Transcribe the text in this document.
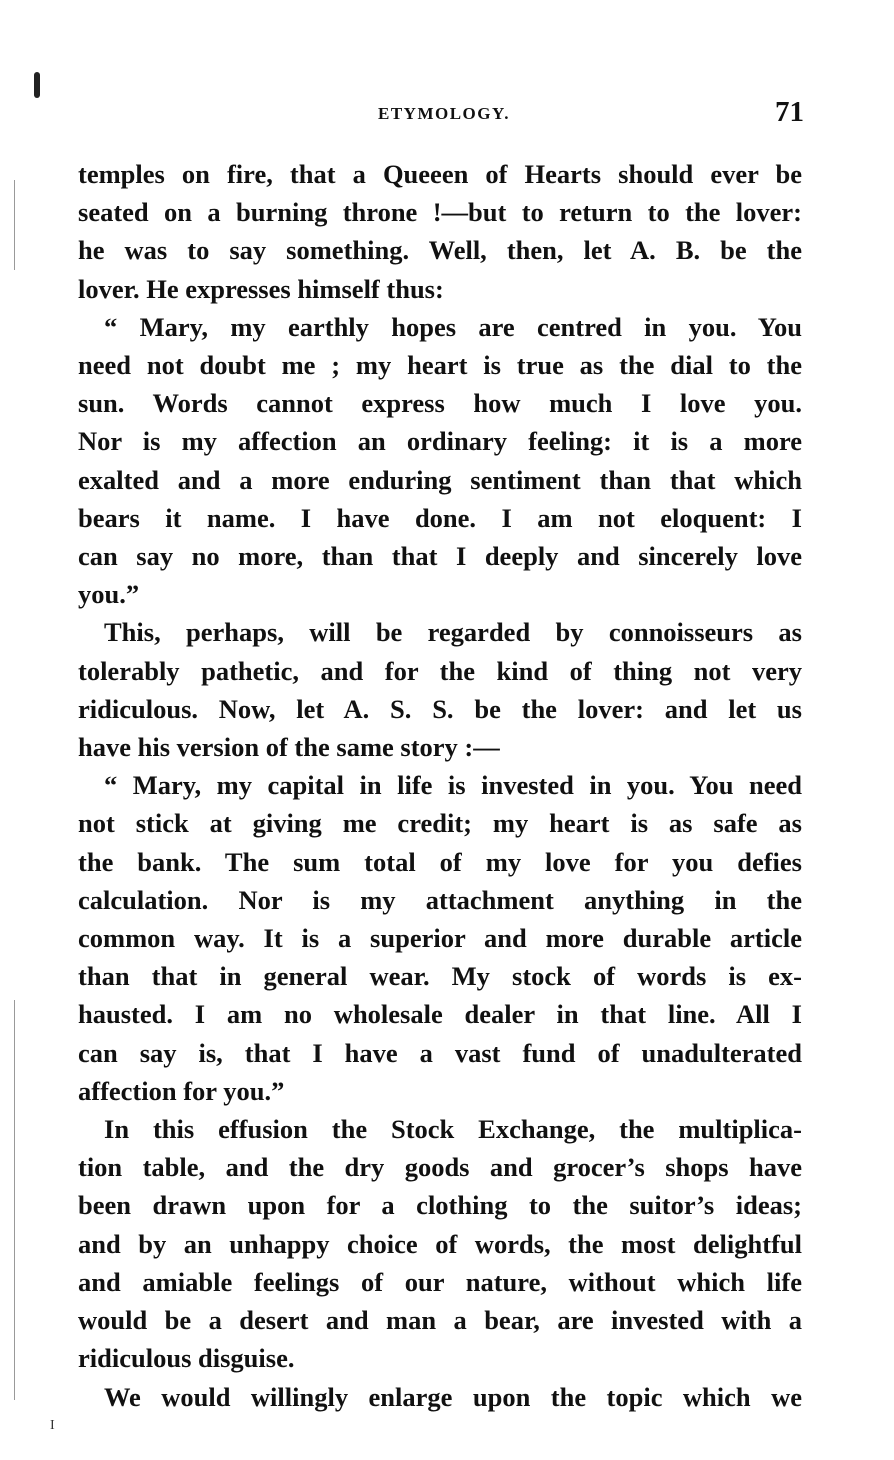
I
ETYMOLOGY.	71
temples on fire, that a Queeen of Hearts should ever be
seated on a burning throne !—but to return to the lover:
he was to say something. Well, then, let A. B. be the
lover. He expresses himself thus:
“ Mary, my earthly hopes are centred in you. You
need not doubt me ; my heart is true as the dial to the
sun. Words cannot express how much I love you.
Nor is my affection an ordinary feeling: it is a more
exalted and a more enduring sentiment than that which
bears it name. I have done. I am not eloquent: I
can say no more, than that I deeply and sincerely love
you.”
This, perhaps, will be regarded by connoisseurs as
tolerably pathetic, and for the kind of thing not very
ridiculous. Now, let A. S. S. be the lover: and let us
have his version of the same story :—
“ Mary, my capital in life is invested in you. You need
not stick at giving me credit; my heart is as safe as
the bank. The sum total of my love for you defies
calculation. Nor is my attachment anything in the
common way. It is a superior and more durable article
than that in general wear. My stock of words is ex-
hausted. I am no wholesale dealer in that line. All I
can say is, that I have a vast fund of unadulterated
affection for you.”
In this effusion the Stock Exchange, the multiplica-
tion table, and the dry goods and grocer’s shops have
been drawn upon for a clothing to the suitor’s ideas;
and by an unhappy choice of words, the most delightful
and amiable feelings of our nature, without which life
would be a desert and man a bear, are invested with a
ridiculous disguise.
We would willingly enlarge upon the topic which we
